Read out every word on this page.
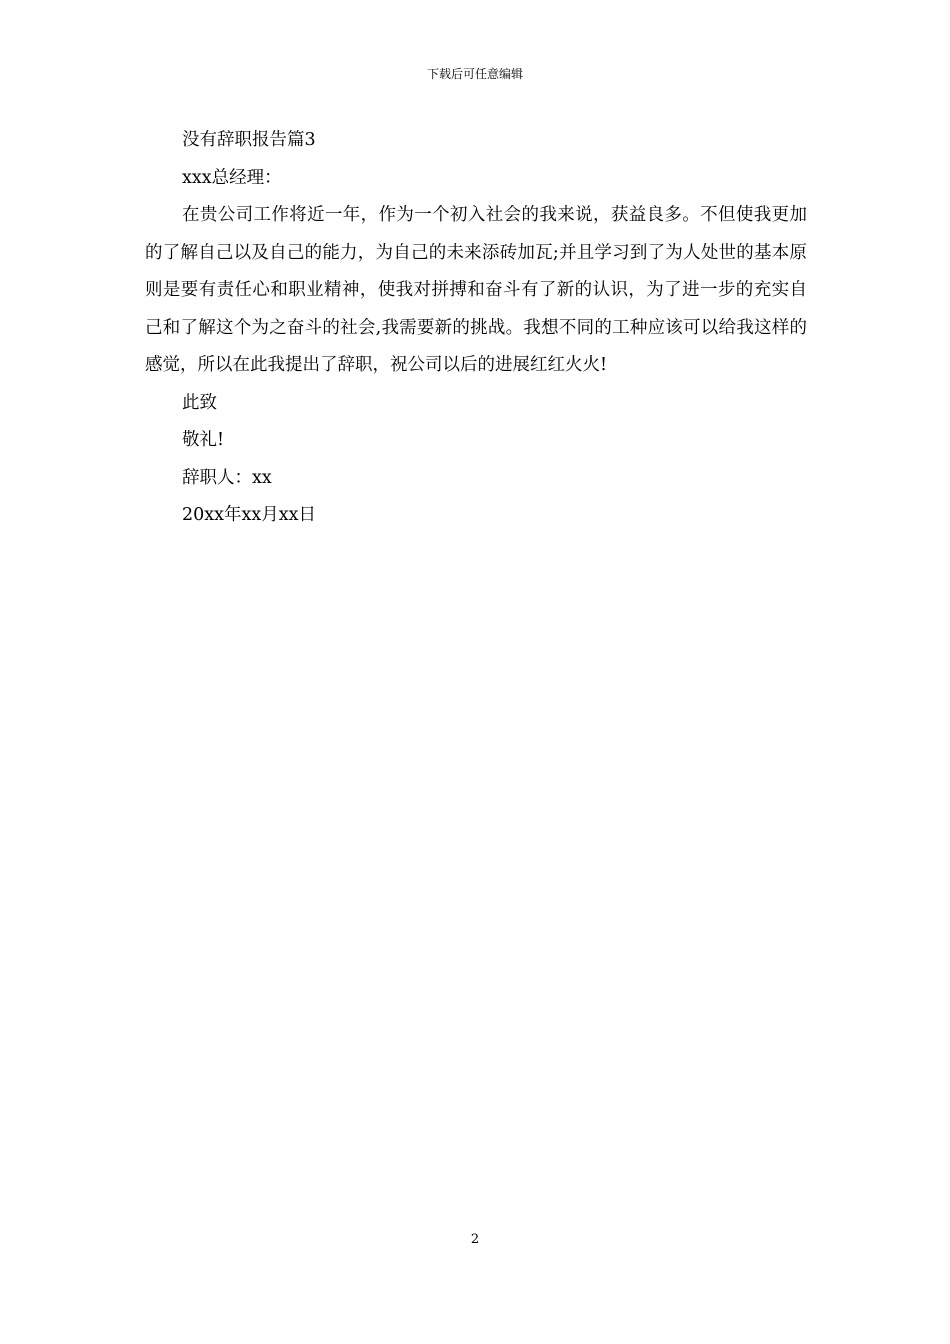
下载后可任意编辑
没有辞职报告篇3
xxx总经理：

在贵公司工作将近一年，作为一个初入社会的我来说，获益良多。不但使我更加的了解自己以及自己的能力，为自己的未来添砖加瓦;并且学习到了为人处世的基本原则是要有责任心和职业精神，使我对拼搏和奋斗有了新的认识，为了进一步的充实自己和了解这个为之奋斗的社会,我需要新的挑战。我想不同的工种应该可以给我这样的感觉，所以在此我提出了辞职，祝公司以后的进展红红火火!

此致
敬礼!
辞职人：xx
20xx年xx月xx日
2
